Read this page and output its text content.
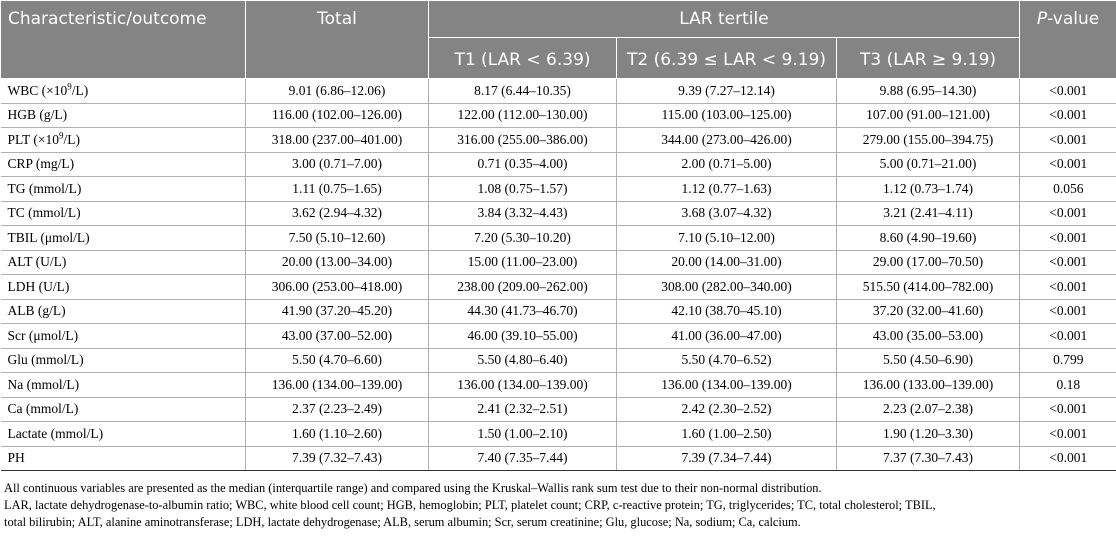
Characteristic/outcome	Total	LAR tertile			P-value
		T1 (LAR < 6.39)	T2 (6.39 ≤ LAR < 9.19)	T3 (LAR ≥ 9.19)	
WBC $(\times 10^9/L)$	9.01 (6.86–12.06)	8.17 (6.44–10.35)	9.39 (7.27–12.14)	9.88 (6.95–14.30)	<0.001
HGB (g/L)	116.00 (102.00–126.00)	122.00 (112.00–130.00)	115.00 (103.00–125.00)	107.00 (91.00–121.00)	<0.001
PLT $(\times 10^9/L)$	318.00 (237.00–401.00)	316.00 (255.00–386.00)	344.00 (273.00–426.00)	279.00 (155.00–394.75)	<0.001
CRP (mg/L)	3.00 (0.71–7.00)	0.71 (0.35–4.00)	2.00 (0.71–5.00)	5.00 (0.71–21.00)	<0.001
TG (mmol/L)	1.11 (0.75–1.65)	1.08 (0.75–1.57)	1.12 (0.77–1.63)	1.12 (0.73–1.74)	0.056
TC (mmol/L)	3.62 (2.94–4.32)	3.84 (3.32–4.43)	3.68 (3.07–4.32)	3.21 (2.41–4.11)	<0.001
TBIL (μmol/L)	7.50 (5.10–12.60)	7.20 (5.30–10.20)	7.10 (5.10–12.00)	8.60 (4.90–19.60)	<0.001
ALT (U/L)	20.00 (13.00–34.00)	15.00 (11.00–23.00)	20.00 (14.00–31.00)	29.00 (17.00–70.50)	<0.001
LDH (U/L)	306.00 (253.00–418.00)	238.00 (209.00–262.00)	308.00 (282.00–340.00)	515.50 (414.00–782.00)	<0.001
ALB (g/L)	41.90 (37.20–45.20)	44.30 (41.73–46.70)	42.10 (38.70–45.10)	37.20 (32.00–41.60)	<0.001
Scr (μmol/L)	43.00 (37.00–52.00)	46.00 (39.10–55.00)	41.00 (36.00–47.00)	43.00 (35.00–53.00)	<0.001
Glu (mmol/L)	5.50 (4.70–6.60)	5.50 (4.80–6.40)	5.50 (4.70–6.52)	5.50 (4.50–6.90)	0.799
Na (mmol/L)	136.00 (134.00–139.00)	136.00 (134.00–139.00)	136.00 (134.00–139.00)	136.00 (133.00–139.00)	0.18
Ca (mmol/L)	2.37 (2.23–2.49)	2.41 (2.32–2.51)	2.42 (2.30–2.52)	2.23 (2.07–2.38)	<0.001
Lactate (mmol/L)	1.60 (1.10–2.60)	1.50 (1.00–2.10)	1.60 (1.00–2.50)	1.90 (1.20–3.30)	<0.001
PH	7.39 (7.32–7.43)	7.40 (7.35–7.44)	7.39 (7.34–7.44)	7.37 (7.30–7.43)	<0.001
All continuous variables are presented as the median (interquartile range) and compared using the Kruskal–Wallis rank sum test due to their non-normal distribution.
LAR, lactate dehydrogenase-to-albumin ratio; WBC, white blood cell count; HGB, hemoglobin; PLT, platelet count; CRP, c-reactive protein; TG, triglycerides; TC, total cholesterol; TBIL,
total bilirubin; ALT, alanine aminotransferase; LDH, lactate dehydrogenase; ALB, serum albumin; Scr, serum creatinine; Glu, glucose; Na, sodium; Ca, calcium.
